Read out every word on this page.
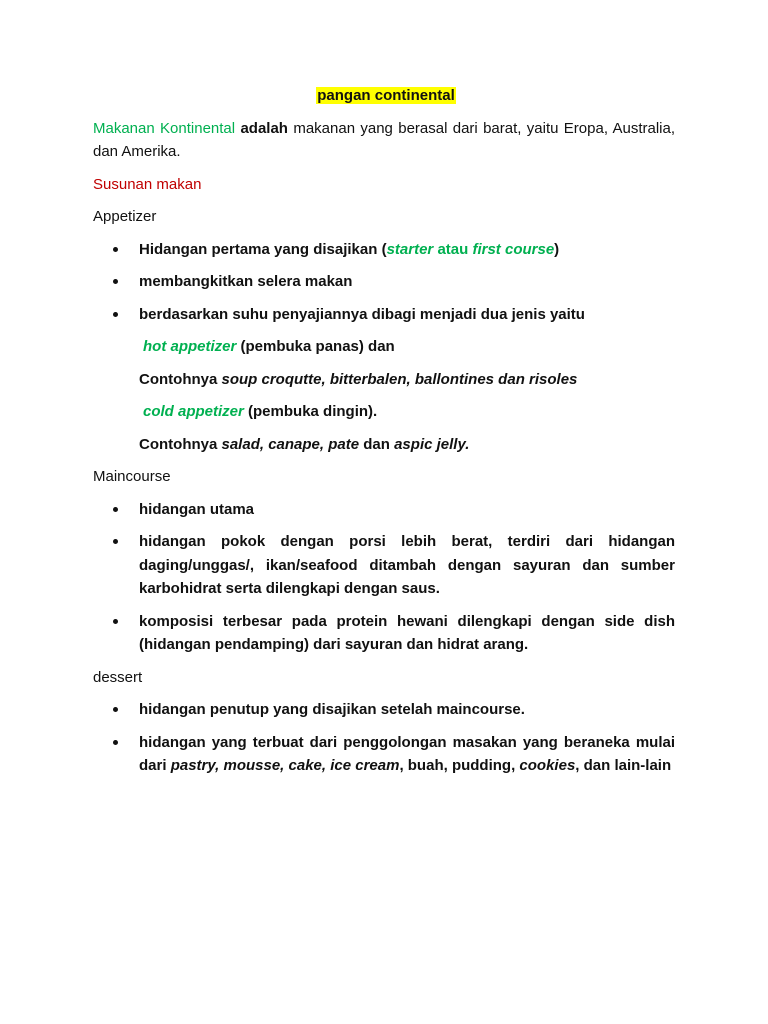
pangan continental

Makanan Kontinental adalah makanan yang berasal dari barat, yaitu Eropa, Australia, dan Amerika.

Susunan makan

Appetizer

Hidangan pertama yang disajikan (starter atau first course)
membangkitkan selera makan
berdasarkan suhu penyajiannya dibagi menjadi dua jenis yaitu

hot appetizer (pembuka panas) dan

Contohnya soup croqutte, bitterbalen, ballontines dan risoles

cold appetizer (pembuka dingin).

Contohnya salad, canape, pate dan aspic jelly.

Maincourse

hidangan utama
hidangan pokok dengan porsi lebih berat, terdiri dari hidangan daging/unggas/, ikan/seafood ditambah dengan sayuran dan sumber karbohidrat serta dilengkapi dengan saus.
komposisi terbesar pada protein hewani dilengkapi dengan side dish (hidangan pendamping) dari sayuran dan hidrat arang.

dessert

hidangan penutup yang disajikan setelah maincourse.
hidangan yang terbuat dari penggolongan masakan yang beraneka mulai dari pastry, mousse, cake, ice cream, buah, pudding, cookies, dan lain-lain
